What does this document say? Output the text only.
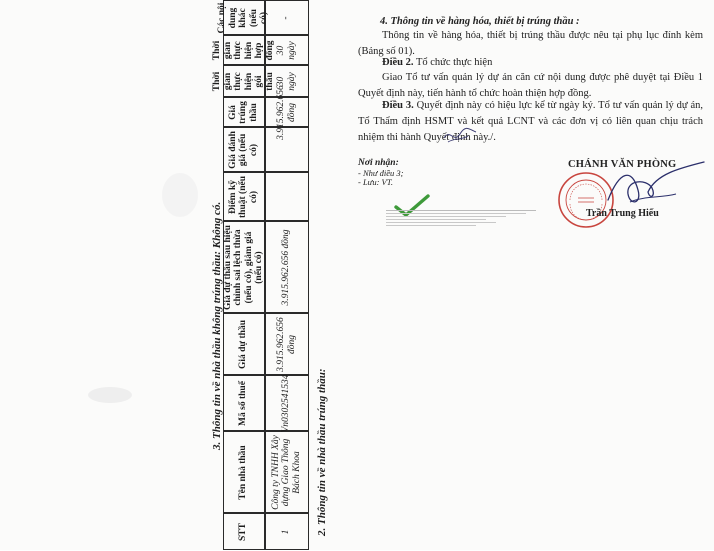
2. Thông tin về nhà thầu trúng thầu:
STT
Tên nhà thầu
Mã số thuế
Giá dự thầu
Giá dự thầu sau hiệu chỉnh sai lệch thừa (nếu có), giảm giá (nếu có)
Điểm kỹ thuật (nếu có)
Giá đánh giá (nếu có)
Giá trúng thầu
Thời gian thực hiện gói thầu
Thời gian thực hiện hợp đồng
Các nội dung khác (nếu có)
1
Công ty TNHH Xây dựng Giao Thông Bách Khoa
Vn0302541534
3.915.962.656 đồng
3.915.962.656 đồng
3.915.962.656 đồng
30 ngày
30 ngày
-
3. Thông tin về nhà thầu không trúng thầu: Không có.
4. Thông tin về hàng hóa, thiết bị trúng thầu :
Thông tin về hàng hóa, thiết bị trúng thầu được nêu tại phụ lục đính kèm (Bảng số 01).
Điều 2. Tổ chức thực hiện
Giao Tổ tư vấn quản lý dự án căn cứ nội dung được phê duyệt tại Điều 1 Quyết định này, tiến hành tổ chức hoàn thiện hợp đồng.
Điều 3. Quyết định này có hiệu lực kể từ ngày ký. Tổ tư vấn quản lý dự án, Tổ Thẩm định HSMT và kết quả LCNT và các đơn vị có liên quan chịu trách nhiệm thi hành Quyết định này./.
Nơi nhận:
- Như điều 3;
- Lưu: VT.
CHÁNH VĂN PHÒNG
Trần Trung Hiếu
